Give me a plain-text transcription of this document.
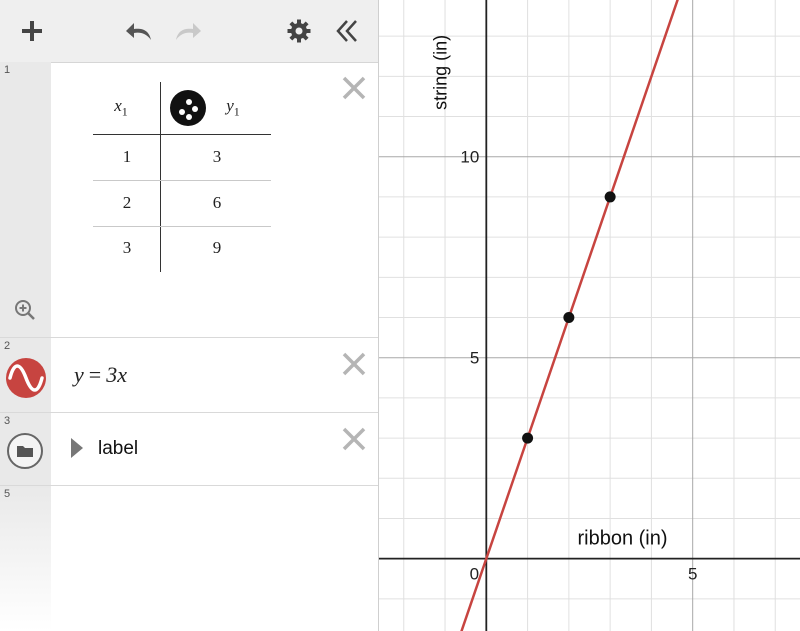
1
$x_1$	$y_1$
1	3
2	6
3	9
2
y = 3x
3
label
5
0	5
5
10
ribbon (in)
string (in)
